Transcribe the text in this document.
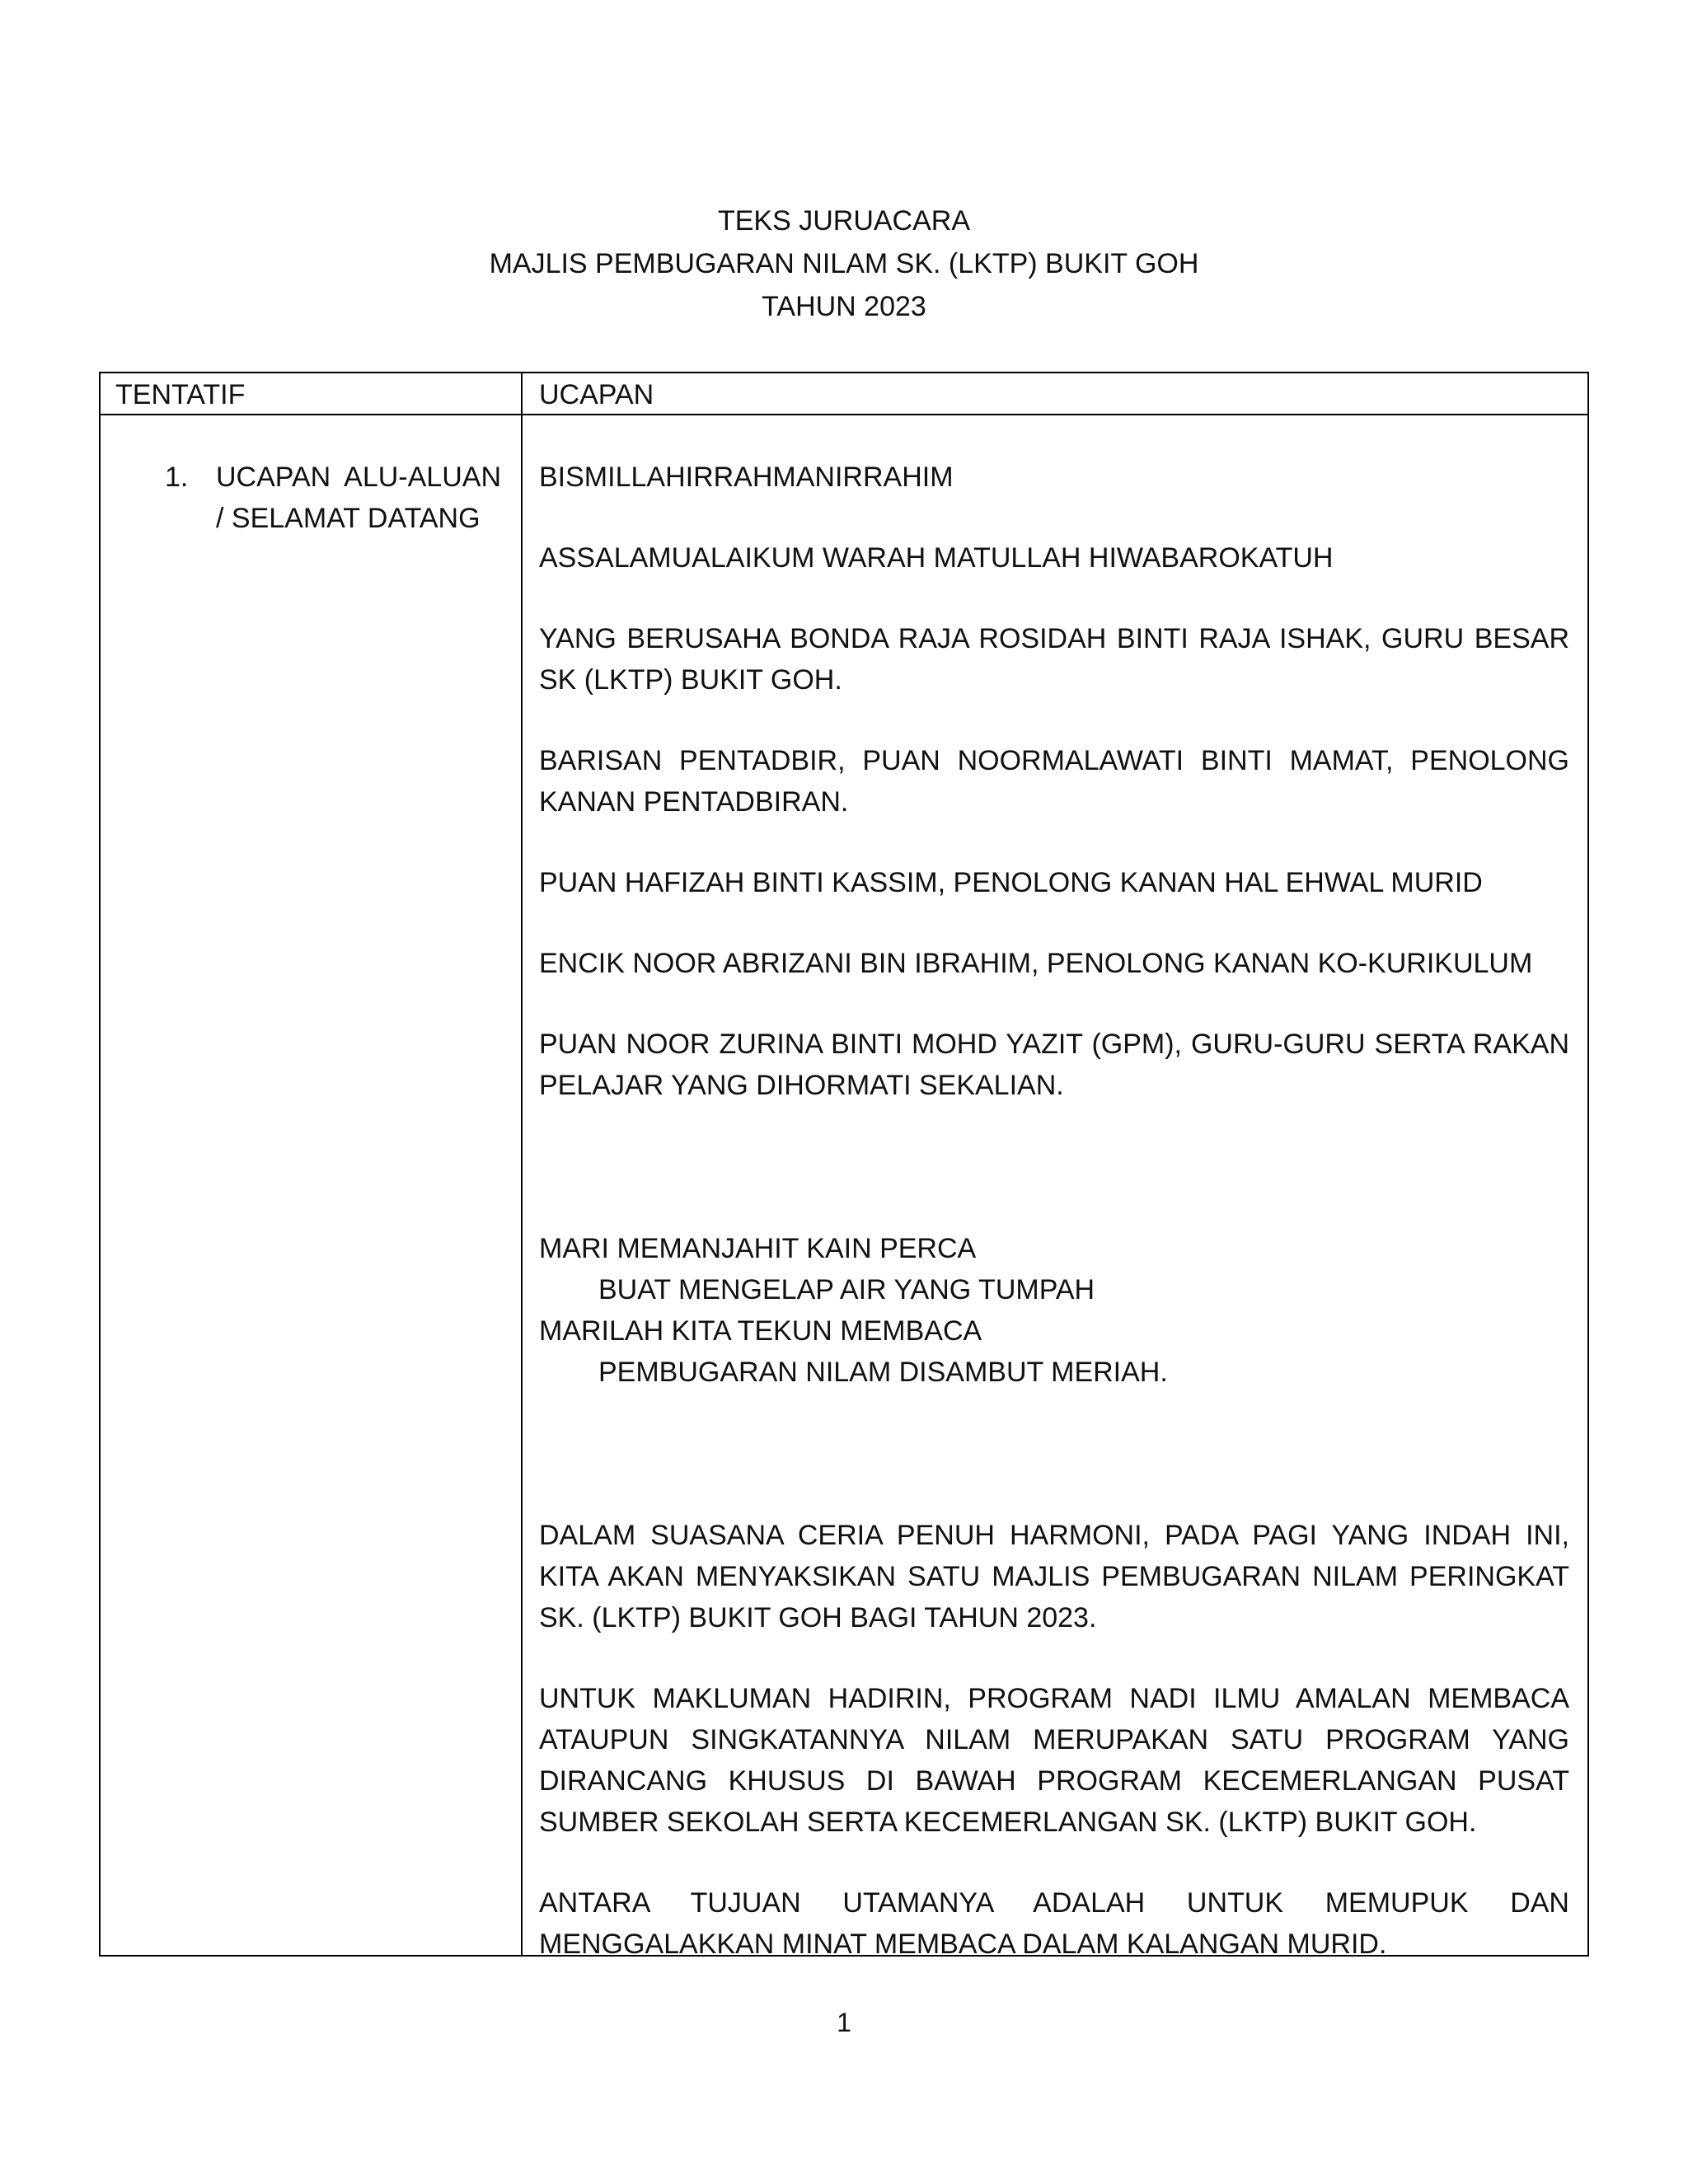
TEKS JURUACARA
MAJLIS PEMBUGARAN NILAM SK. (LKTP) BUKIT GOH
TAHUN 2023
TENTATIF	UCAPAN
1. UCAPAN ALU-ALUAN / SELAMAT DATANG

BISMILLAHIRRAHMANIRRAHIM

ASSALAMUALAIKUM WARAH MATULLAH HIWABAROKATUH

YANG BERUSAHA BONDA RAJA ROSIDAH BINTI RAJA ISHAK, GURU BESAR SK (LKTP) BUKIT GOH.

BARISAN PENTADBIR, PUAN NOORMALAWATI BINTI MAMAT, PENOLONG KANAN PENTADBIRAN.

PUAN HAFIZAH BINTI KASSIM, PENOLONG KANAN HAL EHWAL MURID

ENCIK NOOR ABRIZANI BIN IBRAHIM, PENOLONG KANAN KO-KURIKULUM

PUAN NOOR ZURINA BINTI MOHD YAZIT (GPM), GURU-GURU SERTA RAKAN PELAJAR YANG DIHORMATI SEKALIAN.

MARI MEMANJAHIT KAIN PERCA
BUAT MENGELAP AIR YANG TUMPAH
MARILAH KITA TEKUN MEMBACA
PEMBUGARAN NILAM DISAMBUT MERIAH.

DALAM SUASANA CERIA PENUH HARMONI, PADA PAGI YANG INDAH INI, KITA AKAN MENYAKSIKAN SATU MAJLIS PEMBUGARAN NILAM PERINGKAT SK. (LKTP) BUKIT GOH BAGI TAHUN 2023.

UNTUK MAKLUMAN HADIRIN, PROGRAM NADI ILMU AMALAN MEMBACA ATAUPUN SINGKATANNYA NILAM MERUPAKAN SATU PROGRAM YANG DIRANCANG KHUSUS DI BAWAH PROGRAM KECEMERLANGAN PUSAT SUMBER SEKOLAH SERTA KECEMERLANGAN SK. (LKTP) BUKIT GOH.

ANTARA TUJUAN UTAMANYA ADALAH UNTUK MEMUPUK DAN MENGGALAKKAN MINAT MEMBACA DALAM KALANGAN MURID.

1
